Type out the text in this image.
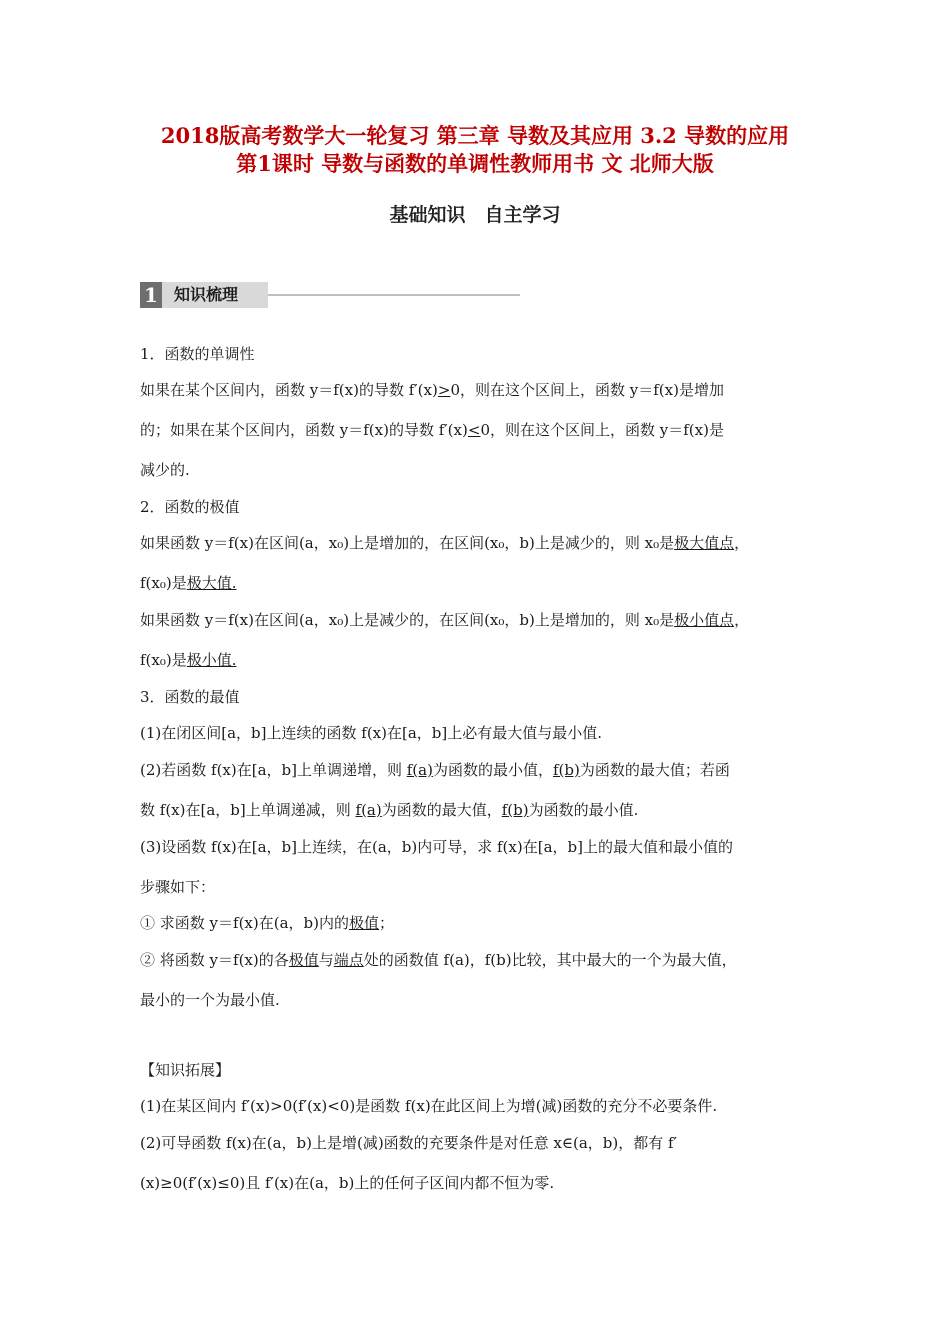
2018版高考数学大一轮复习 第三章 导数及其应用 3.2 导数的应用
第1课时 导数与函数的单调性教师用书 文 北师大版
基础知识　自主学习
1	知识梳理
1．函数的单调性
如果在某个区间内，函数 y＝f(x)的导数 f′(x)>0，则在这个区间上，函数 y＝f(x)是增加
的；如果在某个区间内，函数 y＝f(x)的导数 f′(x)<0，则在这个区间上，函数 y＝f(x)是
减少的.
2．函数的极值
如果函数 y＝f(x)在区间(a，x₀)上是增加的，在区间(x₀，b)上是减少的，则 x₀是极大值点，
f(x₀)是极大值.
如果函数 y＝f(x)在区间(a，x₀)上是减少的，在区间(x₀，b)上是增加的，则 x₀是极小值点，
f(x₀)是极小值.
3．函数的最值
(1)在闭区间[a，b]上连续的函数 f(x)在[a，b]上必有最大值与最小值.
(2)若函数 f(x)在[a，b]上单调递增，则 f(a)为函数的最小值，f(b)为函数的最大值；若函
数 f(x)在[a，b]上单调递减，则 f(a)为函数的最大值，f(b)为函数的最小值.
(3)设函数 f(x)在[a，b]上连续，在(a，b)内可导，求 f(x)在[a，b]上的最大值和最小值的
步骤如下：
① 求函数 y＝f(x)在(a，b)内的极值；
② 将函数 y＝f(x)的各极值与端点处的函数值 f(a)，f(b)比较，其中最大的一个为最大值，
最小的一个为最小值.
【知识拓展】
(1)在某区间内 f′(x)>0(f′(x)<0)是函数 f(x)在此区间上为增(减)函数的充分不必要条件.
(2)可导函数 f(x)在(a，b)上是增(减)函数的充要条件是对任意 x∈(a，b)，都有 f′
(x)≥0(f′(x)≤0)且 f′(x)在(a，b)上的任何子区间内都不恒为零.
